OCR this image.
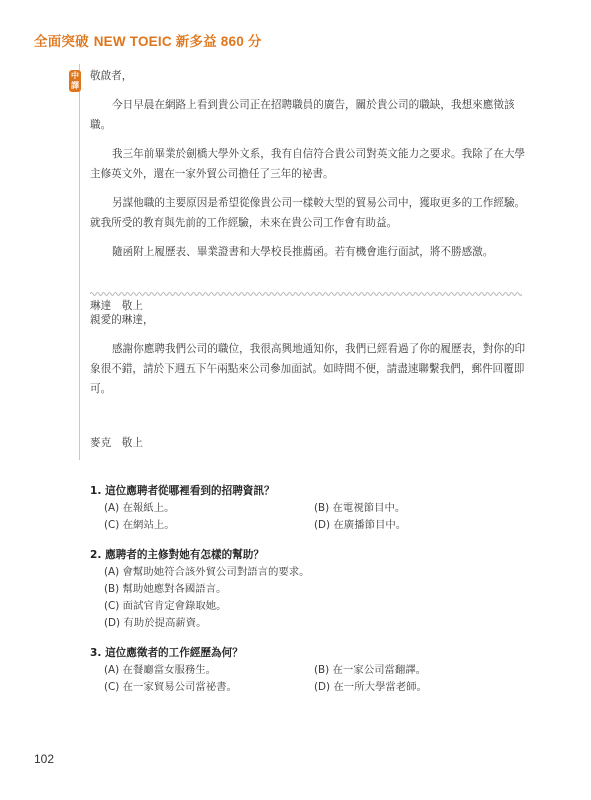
全面突破 NEW TOEIC 新多益 860 分
中譯

敬啟者，

今日早晨在網路上看到貴公司正在招聘職員的廣告，關於貴公司的職缺，我想來應徵該職。

我三年前畢業於劍橋大學外文系，我有自信符合貴公司對英文能力之要求。我除了在大學主修英文外，還在一家外貿公司擔任了三年的祕書。

另謀他職的主要原因是希望從像貴公司一樣較大型的貿易公司中，獲取更多的工作經驗。就我所受的教育與先前的工作經驗，未來在貴公司工作會有助益。

隨函附上履歷表、畢業證書和大學校長推薦函。若有機會進行面試，將不勝感激。

琳達　敬上

親愛的琳達，

感謝你應聘我們公司的職位，我很高興地通知你，我們已經看過了你的履歷表，對你的印象很不錯，請於下週五下午兩點來公司參加面試。如時間不便，請盡速聯繫我們，郵件回覆即可。

麥克　敬上

1. 這位應聘者從哪裡看到的招聘資訊？

(A) 在報紙上。	(B) 在電視節目中。
(C) 在網站上。	(D) 在廣播節目中。

2. 應聘者的主修對她有怎樣的幫助？

(A) 會幫助她符合該外貿公司對語言的要求。
(B) 幫助她應對各國語言。
(C) 面試官肯定會錄取她。
(D) 有助於提高薪資。

3. 這位應徵者的工作經歷為何？

(A) 在餐廳當女服務生。	(B) 在一家公司當翻譯。
(C) 在一家貿易公司當祕書。	(D) 在一所大學當老師。
102
